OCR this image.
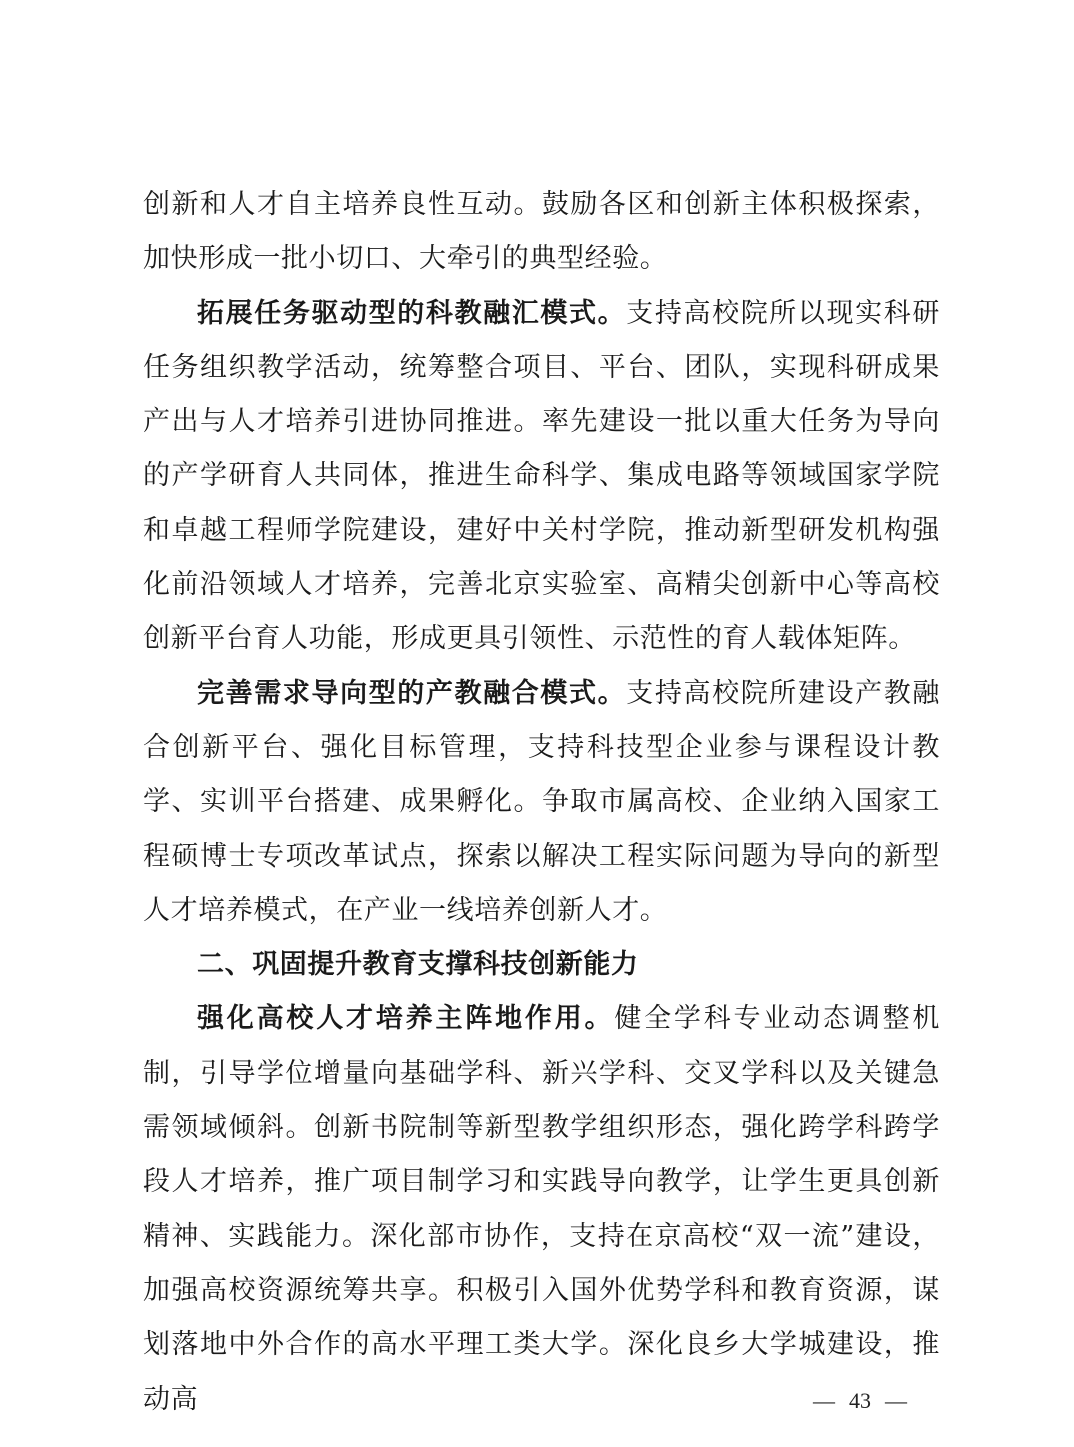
创新和人才自主培养良性互动。鼓励各区和创新主体积极探索，加快形成一批小切口、大牵引的典型经验。

拓展任务驱动型的科教融汇模式。支持高校院所以现实科研任务组织教学活动，统筹整合项目、平台、团队，实现科研成果产出与人才培养引进协同推进。率先建设一批以重大任务为导向的产学研育人共同体，推进生命科学、集成电路等领域国家学院和卓越工程师学院建设，建好中关村学院，推动新型研发机构强化前沿领域人才培养，完善北京实验室、高精尖创新中心等高校创新平台育人功能，形成更具引领性、示范性的育人载体矩阵。

完善需求导向型的产教融合模式。支持高校院所建设产教融合创新平台、强化目标管理，支持科技型企业参与课程设计教学、实训平台搭建、成果孵化。争取市属高校、企业纳入国家工程硕博士专项改革试点，探索以解决工程实际问题为导向的新型人才培养模式，在产业一线培养创新人才。

二、巩固提升教育支撑科技创新能力

强化高校人才培养主阵地作用。健全学科专业动态调整机制，引导学位增量向基础学科、新兴学科、交叉学科以及关键急需领域倾斜。创新书院制等新型教学组织形态，强化跨学科跨学段人才培养，推广项目制学习和实践导向教学，让学生更具创新精神、实践能力。深化部市协作，支持在京高校“双一流”建设，加强高校资源统筹共享。积极引入国外优势学科和教育资源，谋划落地中外合作的高水平理工类大学。深化良乡大学城建设，推动高	— 43 —
